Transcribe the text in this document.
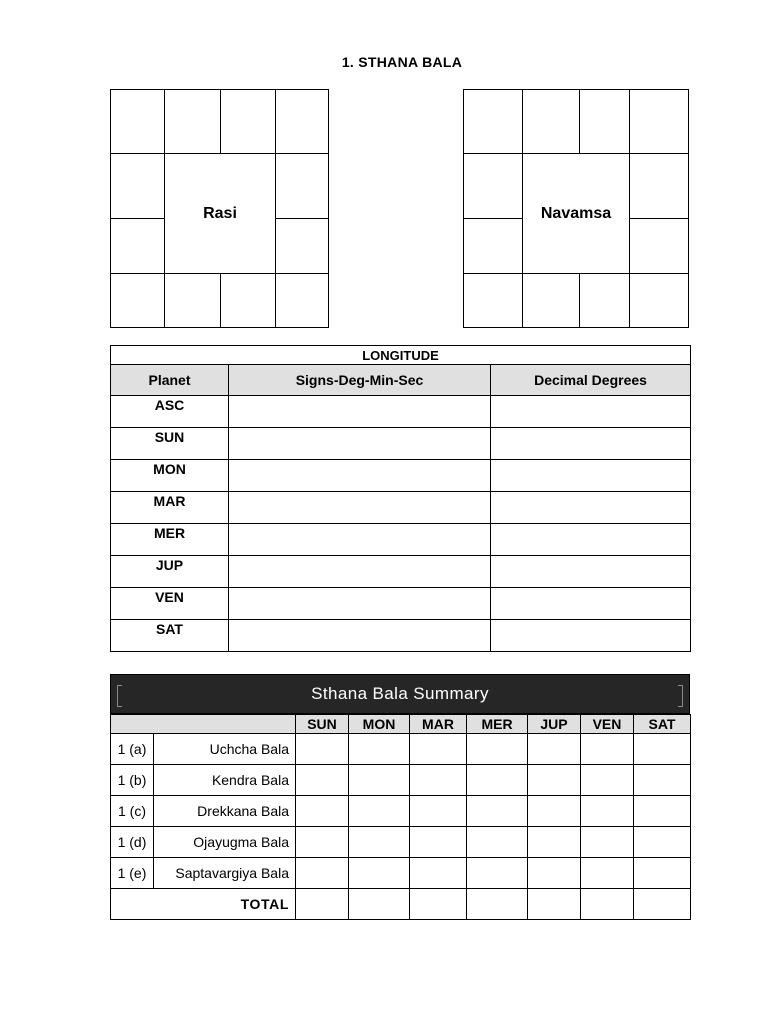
1. STHANA BALA
Rasi	Navamsa
LONGITUDE		
Planet	Signs-Deg-Min-Sec	Decimal Degrees
ASC		
SUN		
MON		
MAR		
MER		
JUP		
VEN		
SAT		
Sthana Bala Summary
		SUN	MON	MAR	MER	JUP	VEN	SAT
1 (a)	Uchcha Bala							
1 (b)	Kendra Bala							
1 (c)	Drekkana Bala							
1 (d)	Ojayugma Bala							
1 (e)	Saptavargiya Bala							
TOTAL								
